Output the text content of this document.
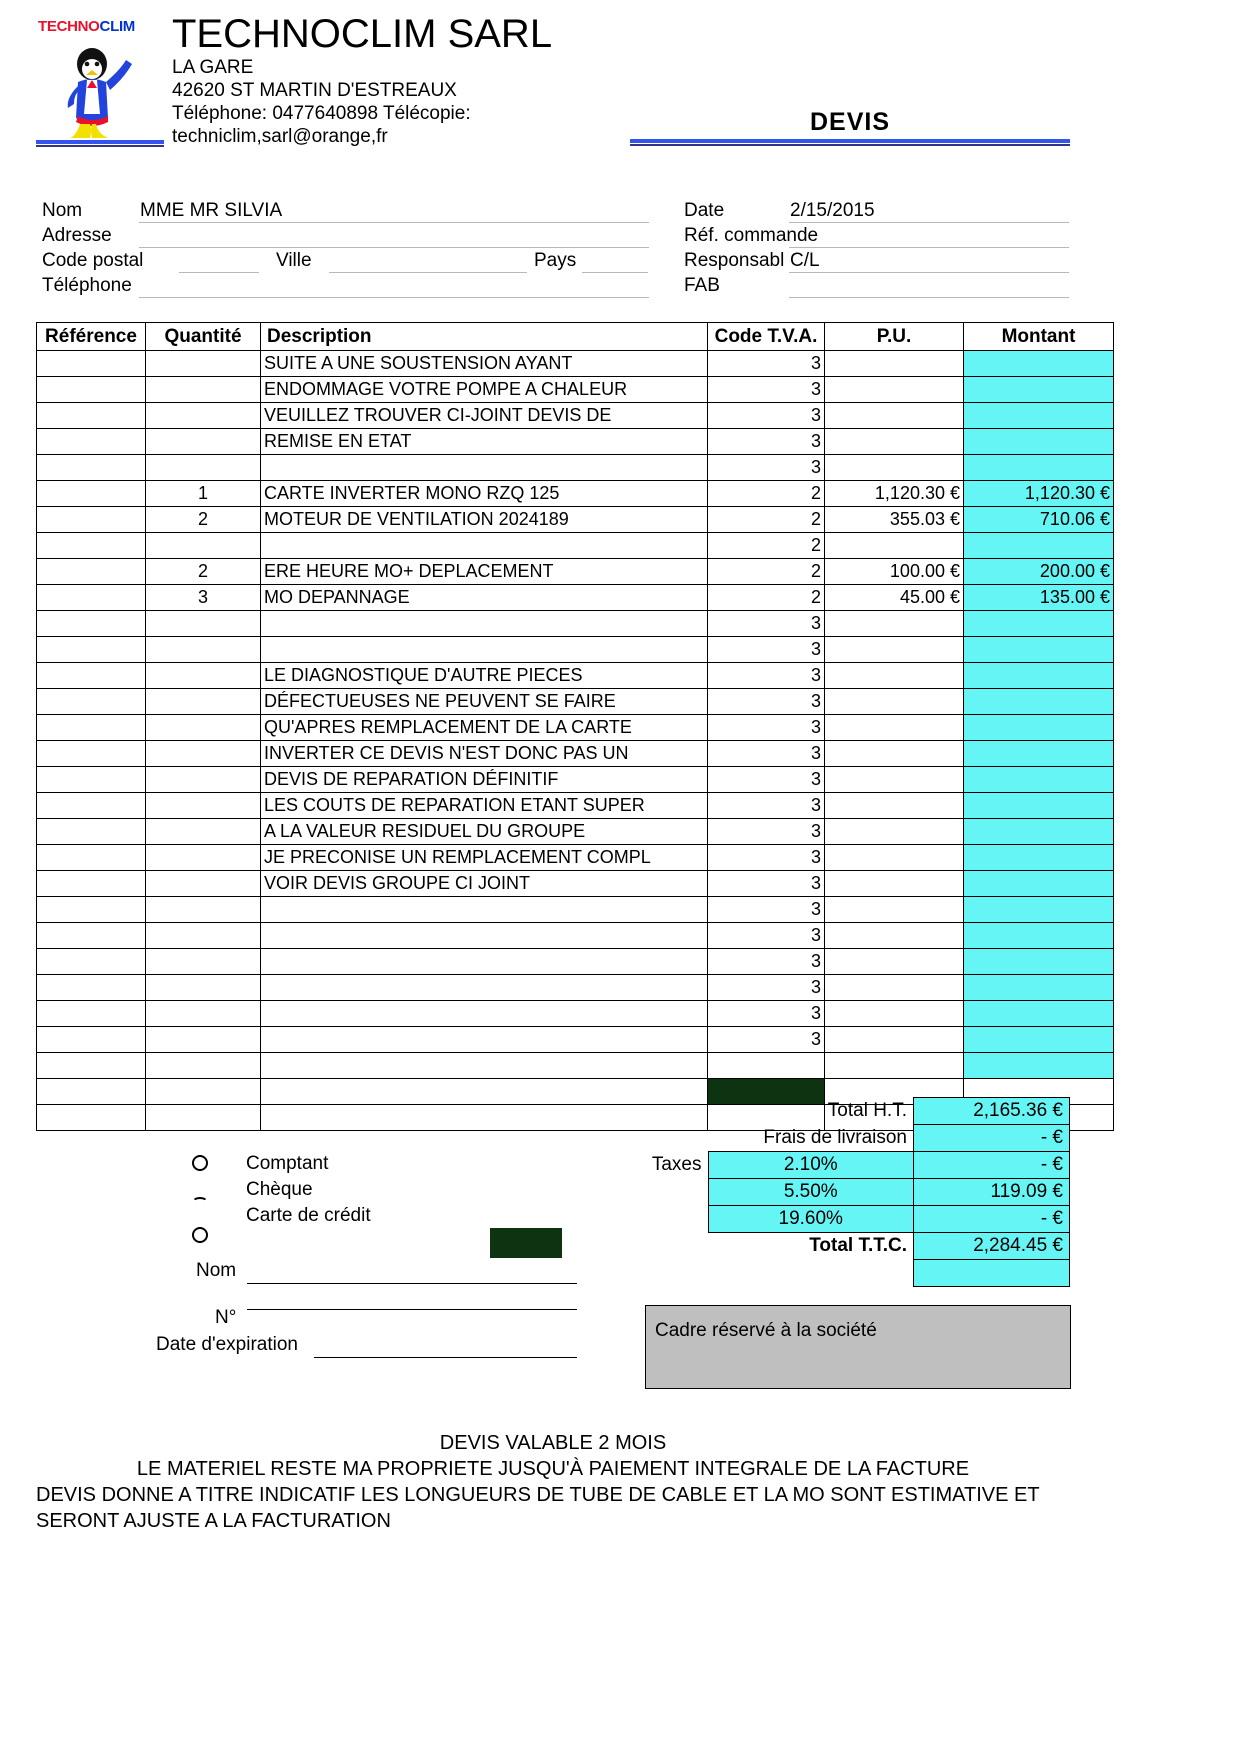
TECHNOCLIM TECHNOCLIM SARL
LA GARE
42620 ST MARTIN D'ESTREAUX
Téléphone: 0477640898 Télécopie:
techniclim,sarl@orange,fr
DEVIS
Nom	MME MR SILVIA
Adresse
Code postal	Ville	Pays
Téléphone
Date	2/15/2015
Réf. commande
Responsabl C/L
FAB
Référence	Quantité	Description	Code T.V.A.	P.U.	Montant
		SUITE A UNE SOUSTENSION AYANT	3		
		ENDOMMAGE VOTRE POMPE A CHALEUR	3		
		VEUILLEZ TROUVER CI-JOINT DEVIS DE	3		
		REMISE EN ETAT	3		
			3		
	1	CARTE INVERTER MONO RZQ 125	2	1,120.30 €	1,120.30 €
	2	MOTEUR DE VENTILATION 2024189	2	355.03 €	710.06 €
			2		
	2	ERE HEURE MO+ DEPLACEMENT	2	100.00 €	200.00 €
	3	MO DEPANNAGE	2	45.00 €	135.00 €
			3		
			3		
		LE DIAGNOSTIQUE D'AUTRE PIECES	3		
		DÉFECTUEUSES NE PEUVENT SE FAIRE	3		
		QU'APRES REMPLACEMENT DE LA CARTE	3		
		INVERTER CE DEVIS N'EST DONC PAS UN	3		
		DEVIS DE REPARATION DÉFINITIF	3		
		LES COUTS DE REPARATION ETANT SUPER	3		
		A LA VALEUR RESIDUEL DU GROUPE	3		
		JE PRECONISE UN REMPLACEMENT COMPL	3		
		VOIR DEVIS GROUPE CI JOINT	3		
			3		
			3		
			3		
			3		
			3		
			3		

	Total H.T.	2,165.36 €
	Frais de livraison	- €
Taxes	2.10%	- €
	5.50%	119.09 €
	19.60%	- €
	Total T.T.C.	2,284.45 €

Comptant
Chèque
Carte de crédit
Nom
N°
Date d'expiration
Cadre réservé à la société
DEVIS VALABLE 2 MOIS
LE MATERIEL RESTE MA PROPRIETE JUSQU'À PAIEMENT INTEGRALE DE LA FACTURE
DEVIS DONNE A TITRE INDICATIF LES LONGUEURS DE TUBE DE CABLE ET LA MO SONT ESTIMATIVE ET
SERONT AJUSTE A LA FACTURATION
